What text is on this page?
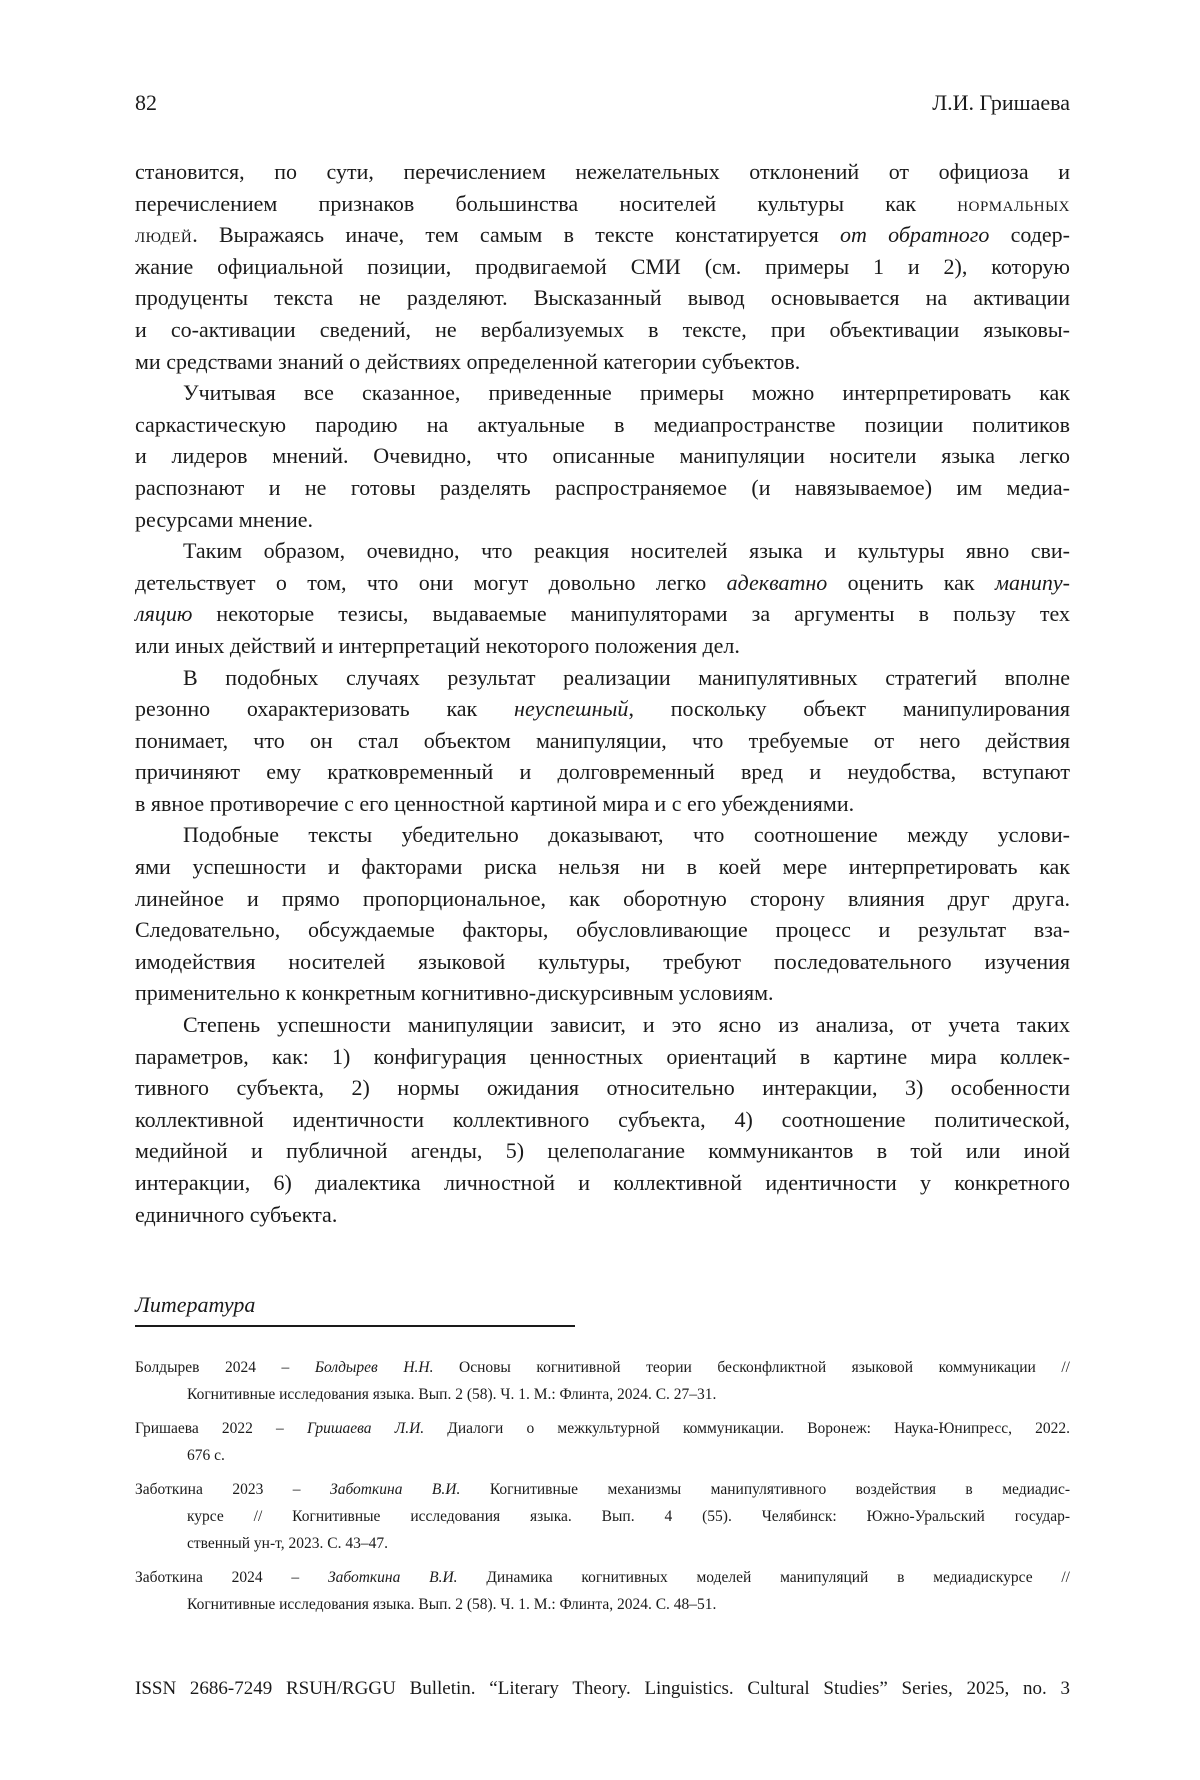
82	Л.И. Гришаева
становится, по сути, перечислением нежелательных отклонений от официоза и
перечислением признаков большинства носителей культуры как нормальных
людей. Выражаясь иначе, тем самым в тексте констатируется от обратного содер-
жание официальной позиции, продвигаемой СМИ (см. примеры 1 и 2), которую
продуценты текста не разделяют. Высказанный вывод основывается на активации
и со-активации сведений, не вербализуемых в тексте, при объективации языковы-
ми средствами знаний о действиях определенной категории субъектов.
Учитывая все сказанное, приведенные примеры можно интерпретировать как
саркастическую пародию на актуальные в медиапространстве позиции политиков
и лидеров мнений. Очевидно, что описанные манипуляции носители языка легко
распознают и не готовы разделять распространяемое (и навязываемое) им медиа-
ресурсами мнение.
Таким образом, очевидно, что реакция носителей языка и культуры явно сви-
детельствует о том, что они могут довольно легко адекватно оценить как манипу-
ляцию некоторые тезисы, выдаваемые манипуляторами за аргументы в пользу тех
или иных действий и интерпретаций некоторого положения дел.
В подобных случаях результат реализации манипулятивных стратегий вполне
резонно охарактеризовать как неуспешный, поскольку объект манипулирования
понимает, что он стал объектом манипуляции, что требуемые от него действия
причиняют ему кратковременный и долговременный вред и неудобства, вступают
в явное противоречие с его ценностной картиной мира и с его убеждениями.
Подобные тексты убедительно доказывают, что соотношение между услови-
ями успешности и факторами риска нельзя ни в коей мере интерпретировать как
линейное и прямо пропорциональное, как оборотную сторону влияния друг друга.
Следовательно, обсуждаемые факторы, обусловливающие процесс и результат вза-
имодействия носителей языковой культуры, требуют последовательного изучения
применительно к конкретным когнитивно-дискурсивным условиям.
Степень успешности манипуляции зависит, и это ясно из анализа, от учета таких
параметров, как: 1) конфигурация ценностных ориентаций в картине мира коллек-
тивного субъекта, 2) нормы ожидания относительно интеракции, 3) особенности
коллективной идентичности коллективного субъекта, 4) соотношение политической,
медийной и публичной агенды, 5) целеполагание коммуникантов в той или иной
интеракции, 6) диалектика личностной и коллективной идентичности у конкретного
единичного субъекта.
Литература
Болдырев 2024 – Болдырев Н.Н. Основы когнитивной теории бесконфликтной языковой коммуникации //
Когнитивные исследования языка. Вып. 2 (58). Ч. 1. М.: Флинта, 2024. С. 27–31.
Гришаева 2022 – Гришаева Л.И. Диалоги о межкультурной коммуникации. Воронеж: Наука-Юнипресс, 2022.
676 с.
Заботкина 2023 – Заботкина В.И. Когнитивные механизмы манипулятивного воздействия в медиадис-
курсе // Когнитивные исследования языка. Вып. 4 (55). Челябинск: Южно-Уральский государ-
ственный ун-т, 2023. С. 43–47.
Заботкина 2024 – Заботкина В.И. Динамика когнитивных моделей манипуляций в медиадискурсе //
Когнитивные исследования языка. Вып. 2 (58). Ч. 1. М.: Флинта, 2024. С. 48–51.
ISSN 2686-7249 RSUH/RGGU Bulletin. “Literary Theory. Linguistics. Cultural Studies” Series, 2025, no. 3
